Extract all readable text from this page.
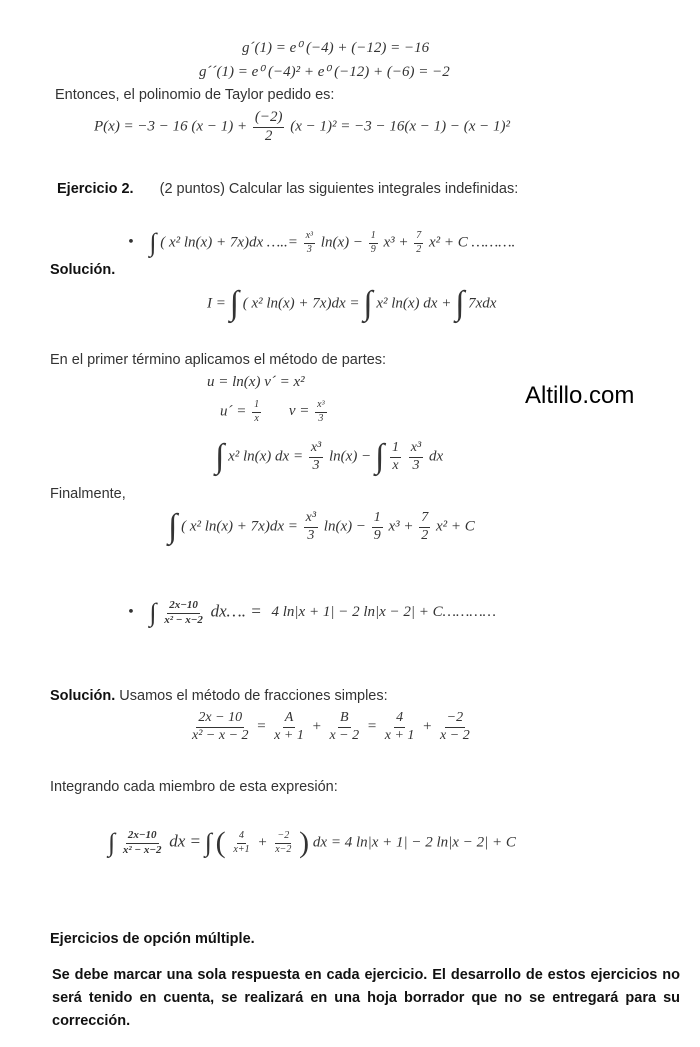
g´(1) = e⁰ (−4) + (−12) = −16
g´´(1) = e⁰ (−4)² + e⁰ (−12) + (−6) = −2
Entonces, el polinomio de Taylor pedido es:
P(x) = −3 − 16 $(x - 1) + \frac{(-2)}{2} (x - 1)^2 = -3 - 16(x - 1) - (x - 1)^2$
Ejercicio 2. (2 puntos) Calcular las siguientes integrales indefinidas:
• ∫ ( x² ln(x) + 7x)dx …..= $\frac{\text{x³}}{3} \ln(x) - \frac{1}{9} x^3 + \frac{7}{2} x^2 + C$ ……….
Solución.
I = ∫ ( x² ln(x) + 7x)dx = ∫ x² ln(x) dx + ∫ 7xdx
En el primer término aplicamos el método de partes:
u = ln(x) v´ = x²
u´ = $\frac{1}{x}$ $v = \frac{\text{x³}}{3}$
∫ x² ln(x) dx = $\frac{\text{x³}}{3} \ln(x)$ − ∫ $\frac{1}{x}$
$\frac{\text{x³}}{3}$ dx
Finalmente,
∫ ( x² $\ln(x) + 7x)dx = \frac{\text{x³}}{3} \ln(x) - \frac{1}{9} x^3 + \frac{7}{2} x^2 + C$
• ∫ $\frac{2x-10}{\text{x² − x−2}}$ dx…. = 4 ln|x + 1| − 2 ln|x − 2| + C…………
Solución. Usamos el método de fracciones simples:
$\frac{2x - 10}{\text{x² − x − 2}} = \frac{A}{x + 1} + \frac{B}{x - 2} = \frac{4}{x + 1} + \frac{-2}{x - 2}$
Integrando cada miembro de esta expresión:
∫ $\frac{2x-10}{\text{x² − x−2}}$ dx = ∫ ( $\frac{4}{x+1} + \frac{-2}{x-2}$ ) dx = 4 ln|x + 1| − 2 ln|x − 2| + C
Ejercicios de opción múltiple.
Se debe marcar una sola respuesta en cada ejercicio. El desarrollo de estos ejercicios no será tenido en cuenta, se realizará en una hoja borrador que no se entregará para su corrección.
Altillo.com
